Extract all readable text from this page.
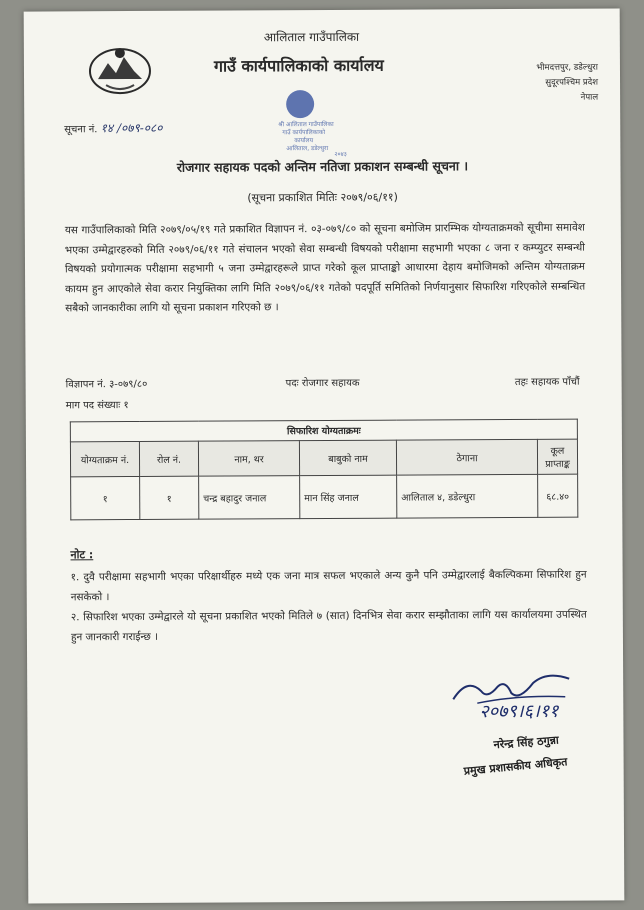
आलिताल गाउँपालिका
गाउँ कार्यपालिकाको कार्यालय	भीमदत्तपुर, डडेल्धुरा
सुदूरपश्चिम प्रदेश
नेपाल
श्री आलिताल गाउँपालिका
गाउँ कार्यपालिकाको
कार्यालय
आलिताल, डडेल्धुरा
२०४३
सूचना नं. १४ /०७९-०८०
रोजगार सहायक पदको अन्तिम नतिजा प्रकाशन सम्बन्धी सूचना ।
(सूचना प्रकाशित मितिः २०७९/०६/११)
यस गाउँपालिकाको मिति २०७९/०५/१९ गते प्रकाशित विज्ञापन नं. ०३-०७९/८० को सूचना बमोजिम प्रारम्भिक योग्यताक्रमको सूचीमा समावेश भएका उम्मेद्वारहरुको मिति २०७९/०६/११ गते संचालन भएको सेवा सम्बन्धी विषयको परीक्षामा सहभागी भएका ८ जना र कम्प्युटर सम्बन्धी विषयको प्रयोगात्मक परीक्षामा सहभागी ५ जना उम्मेद्वारहरूले प्राप्त गरेको कूल प्राप्ताङ्को आधारमा देहाय बमोजिमको अन्तिम योग्यताक्रम कायम हुन आएकोले सेवा करार नियुक्तिका लागि मिति २०७९/०६/११ गतेको पदपूर्ति समितिको निर्णयानुसार सिफारिश गरिएकोले सम्बन्धित सबैको जानकारीका लागि यो सूचना प्रकाशन गरिएको छ ।
विज्ञापन नं. ३-०७९/८०	पदः रोजगार सहायक	तहः सहायक पाँचौं
माग पद संख्याः १
सिफारिश योग्यताक्रमः					
योग्यताक्रम नं.	रोल नं.	नाम, थर	बाबुको नाम	ठेगाना	कूल प्राप्ताङ्क
१	१	चन्द्र बहादुर जनाल	मान सिंह जनाल	आलिताल ४, डडेल्धुरा	६८.४०
नोट :
१. दुवै परीक्षामा सहभागी भएका परिक्षार्थीहरु मध्ये एक जना मात्र सफल भएकाले अन्य कुनै पनि उम्मेद्वारलाई बैकल्पिकमा सिफारिश हुन नसकेको ।
२. सिफारिश भएका उम्मेद्वारले यो सूचना प्रकाशित भएको मितिले ७ (सात) दिनभित्र सेवा करार सम्झौताका लागि यस कार्यालयमा उपस्थित हुन जानकारी गराईन्छ ।
२०७९।६।११
नरेन्द्र सिंह ठगुन्ना
प्रमुख प्रशासकीय अधिकृत
